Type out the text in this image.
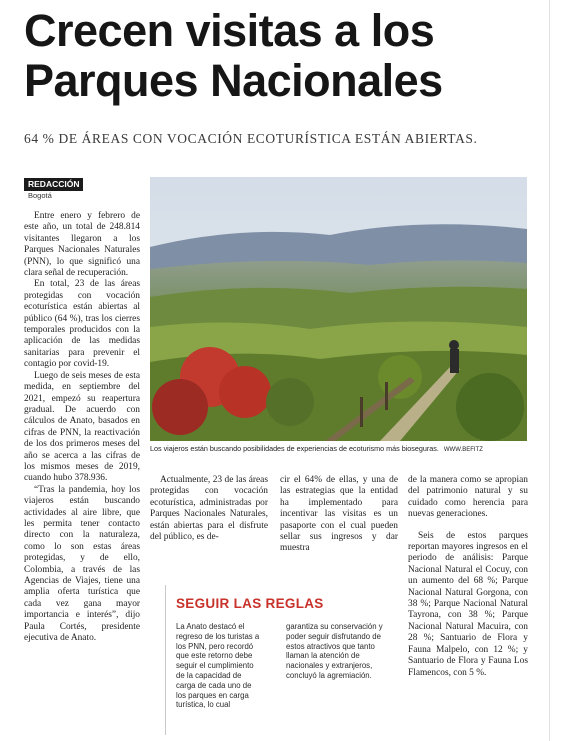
Crecen visitas a los Parques Nacionales
64 % DE ÁREAS CON VOCACIÓN ECOTURÍSTICA ESTÁN ABIERTAS.
REDACCIÓN
Bogotá

Entre enero y febrero de este año, un total de 248.814 visitantes llegaron a los Parques Nacionales Naturales (PNN), lo que significó una clara señal de recuperación.

En total, 23 de las áreas protegidas con vocación ecoturística están abiertas al público (64 %), tras los cierres temporales producidos con la aplicación de las medidas sanitarias para prevenir el contagio por covid-19.

Luego de seis meses de esta medida, en septiembre del 2021, empezó su reapertura gradual. De acuerdo con cálculos de Anato, basados en cifras de PNN, la reactivación de los dos primeros meses del año se acerca a las cifras de los mismos meses de 2019, cuando hubo 378.936.

“Tras la pandemia, hoy los viajeros están buscando actividades al aire libre, que les permita tener contacto directo con la naturaleza, como lo son estas áreas protegidas, y de ello, Colombia, a través de las Agencias de Viajes, tiene una amplia oferta turística que cada vez gana mayor importancia e interés”, dijo Paula Cortés, presidente ejecutiva de Anato.

Los viajeros están buscando posibilidades de experiencias de ecoturismo más bioseguras. WWW.BEFITZ

Actualmente, 23 de las áreas protegidas con vocación ecoturística, administradas por Parques Nacionales Naturales, están abiertas para el disfrute del público, es de-

cir el 64% de ellas, y una de las estrategias que la entidad ha implementado para incentivar las visitas es un pasaporte con el cual pueden sellar sus ingresos y dar muestra

de la manera como se apropian del patrimonio natural y su cuidado como herencia para nuevas generaciones.

Seis de estos parques reportan mayores ingresos en el periodo de análisis: Parque Nacional Natural el Cocuy, con un aumento del 68 %; Parque Nacional Natural Gorgona, con 38 %; Parque Nacional Natural Tayrona, con 38 %; Parque Nacional Natural Macuira, con 28 %; Santuario de Flora y Fauna Malpelo, con 12 %; y Santuario de Flora y Fauna Los Flamencos, con 5 %.

SEGUIR LAS REGLAS
La Anato destacó el regreso de los turistas a los PNN, pero recordó que este retorno debe seguir el cumplimiento de la capacidad de carga de cada uno de los parques en carga turística, lo cual
garantiza su conservación y poder seguir disfrutando de estos atractivos que tanto llaman la atención de nacionales y extranjeros, concluyó la agremiación.
